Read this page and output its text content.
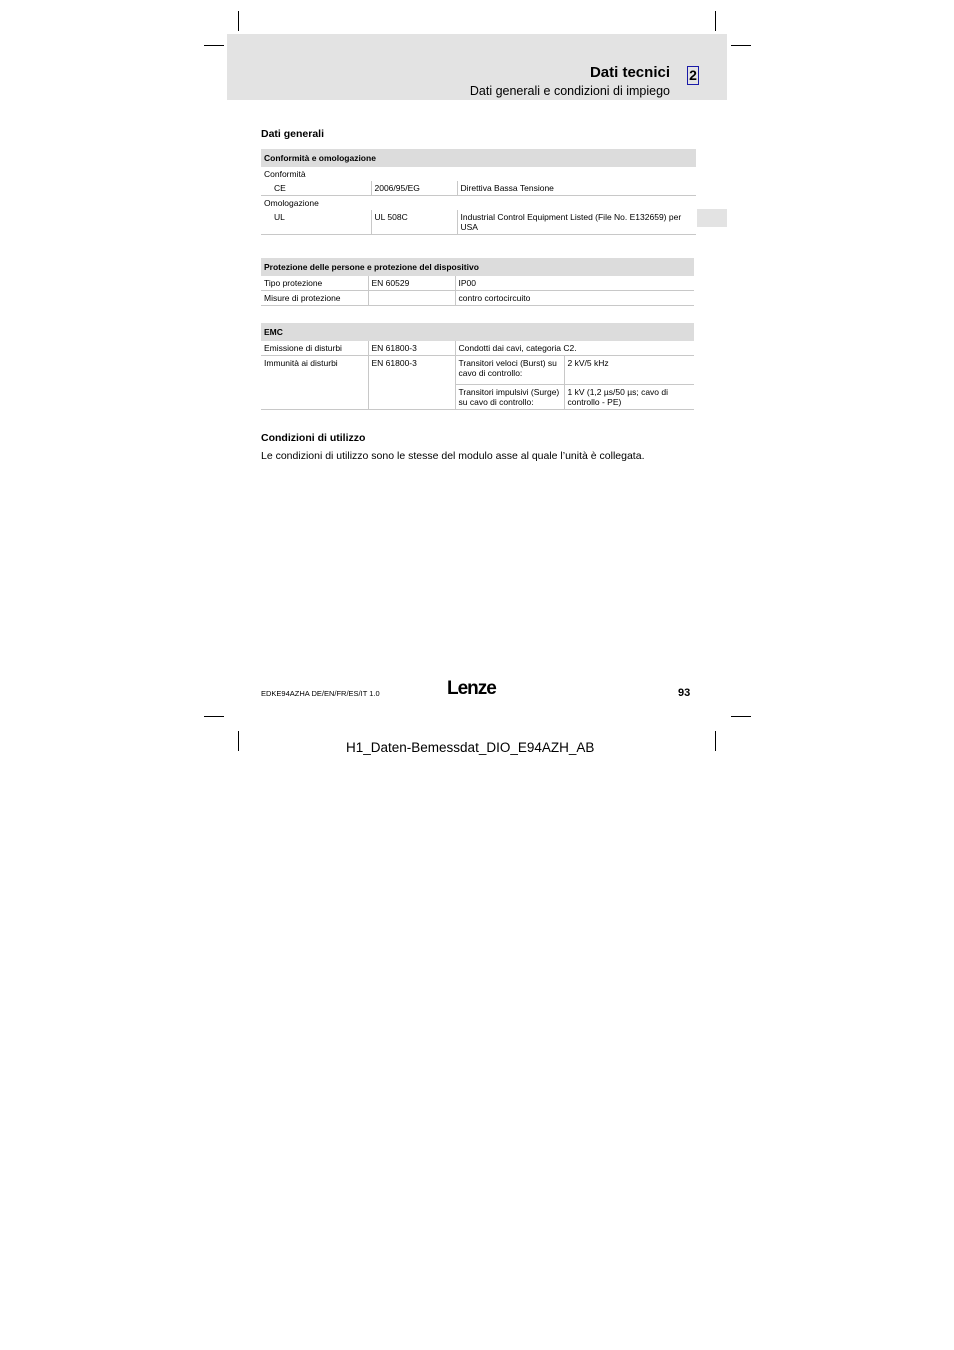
Dati tecnici 2
Dati generali e condizioni di impiego
Dati generali
Conformità e omologazione		
Conformità		
CE	2006/95/EG	Direttiva Bassa Tensione
Omologazione		
UL	UL 508C	Industrial Control Equipment Listed (File No. E132659) per USA
Protezione delle persone e protezione del dispositivo		
Tipo protezione	EN 60529	IP00
Misure di protezione		contro cortocircuito
EMC			
Emissione di disturbi	EN 61800-3	Condotti dai cavi, categoria C2.	
Immunità ai disturbi	EN 61800-3	Transitori veloci (Burst) su cavo di controllo:	2 kV/5 kHz
		Transitori impulsivi (Surge) su cavo di controllo:	1 kV (1,2 µs/50 µs; cavo di controllo - PE)
Condizioni di utilizzo
Le condizioni di utilizzo sono le stesse del modulo asse al quale l’unità è collegata.
EDKE94AZHA DE/EN/FR/ES/IT 1.0	Lenze	93
H1_Daten-Bemessdat_DIO_E94AZH_AB
